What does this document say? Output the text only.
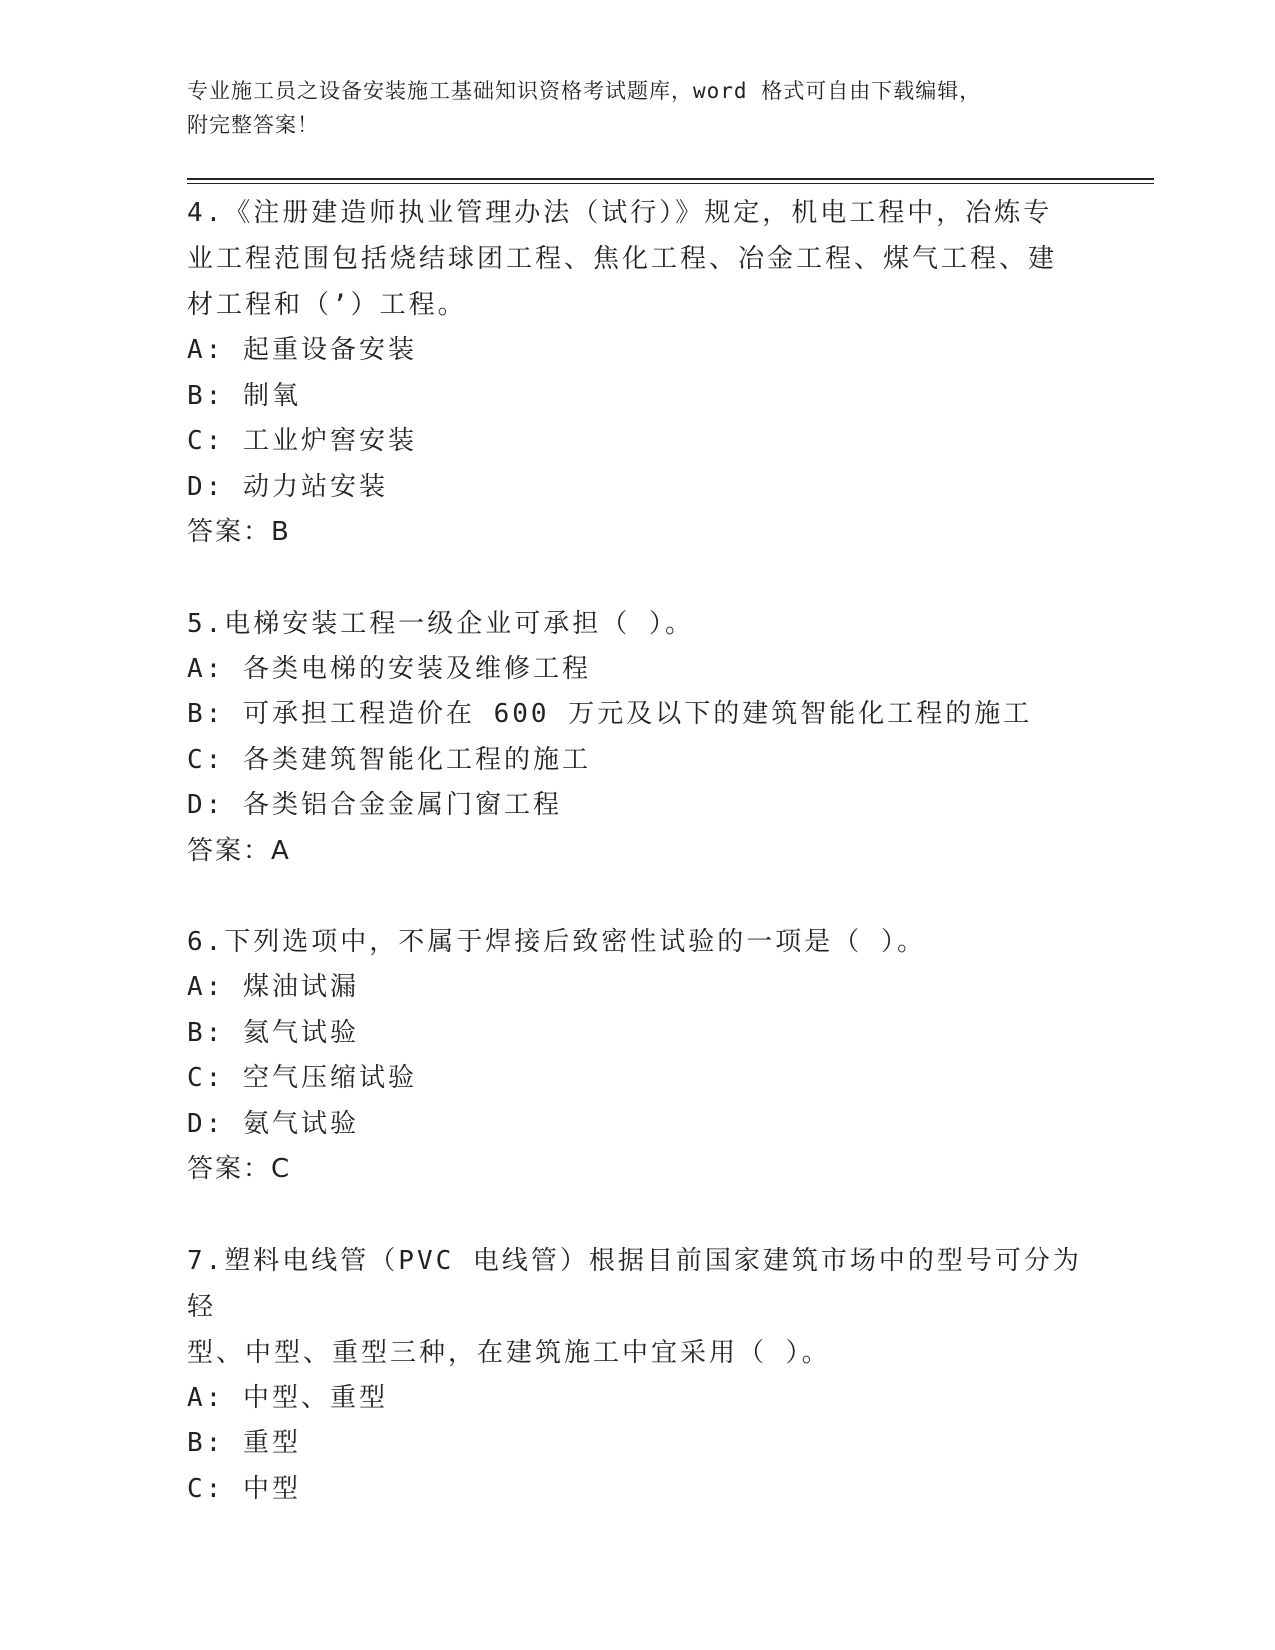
专业施工员之设备安装施工基础知识资格考试题库，word 格式可自由下载编辑，
附完整答案！

4.《注册建造师执业管理办法（试行）》规定，机电工程中，冶炼专

业工程范围包括烧结球团工程、焦化工程、冶金工程、煤气工程、建

材工程和（’）工程。

A: 起重设备安装

B: 制氧

C: 工业炉窖安装

D: 动力站安装

答案：B

5.电梯安装工程一级企业可承担（ ）。

A: 各类电梯的安装及维修工程

B: 可承担工程造价在 600 万元及以下的建筑智能化工程的施工

C: 各类建筑智能化工程的施工

D: 各类铝合金金属门窗工程

答案：A

6.下列选项中，不属于焊接后致密性试验的一项是（ ）。

A: 煤油试漏

B: 氦气试验

C: 空气压缩试验

D: 氨气试验

答案：C

7.塑料电线管（PVC 电线管）根据目前国家建筑市场中的型号可分为轻

型、中型、重型三种，在建筑施工中宜采用（ ）。

A: 中型、重型

B: 重型

C: 中型
